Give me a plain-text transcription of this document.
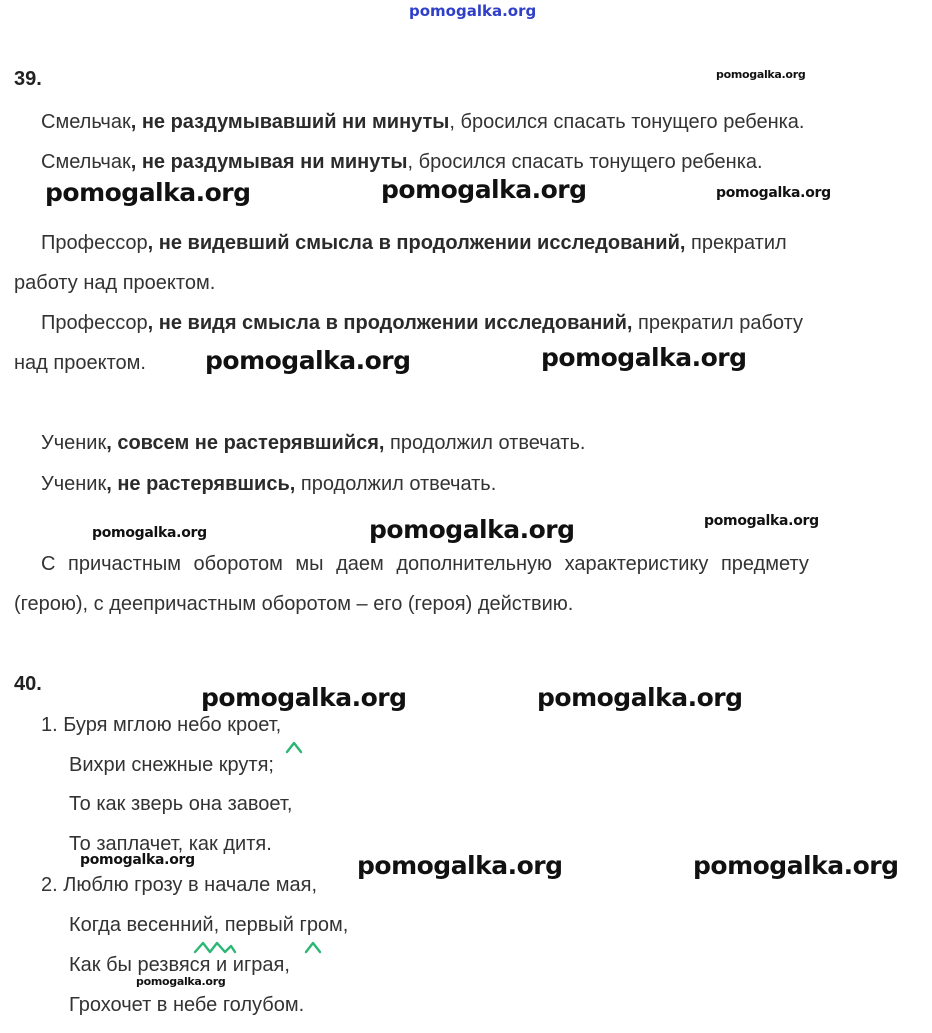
pomogalka.org
39.	pomogalka.org
Смельчак, не раздумывавший ни минуты, бросился спасать тонущего ребенка.
Смельчак, не раздумывая ни минуты, бросился спасать тонущего ребенка.
pomogalka.org	pomogalka.org	pomogalka.org
Профессор, не видевший смысла в продолжении исследований, прекратил
работу над проектом.
Профессор, не видя смысла в продолжении исследований, прекратил работу
над проектом. pomogalka.org	pomogalka.org
Ученик, совсем не растерявшийся, продолжил отвечать.
Ученик, не растерявшись, продолжил отвечать.
pomogalka.org	pomogalka.org	pomogalka.org
С причастным оборотом мы даем дополнительную характеристику предмету
(герою), с деепричастным оборотом – его (героя) действию.
40.	pomogalka.org	pomogalka.org
1. Буря мглою небо кроет,
Вихри снежные крутя;
То как зверь она завоет,
То заплачет, как дитя.
pomogalka.org	pomogalka.org	pomogalka.org
2. Люблю грозу в начале мая,
Когда весенний, первый гром,
Как бы резвяся и играя,
pomogalka.org
Грохочет в небе голубом.
